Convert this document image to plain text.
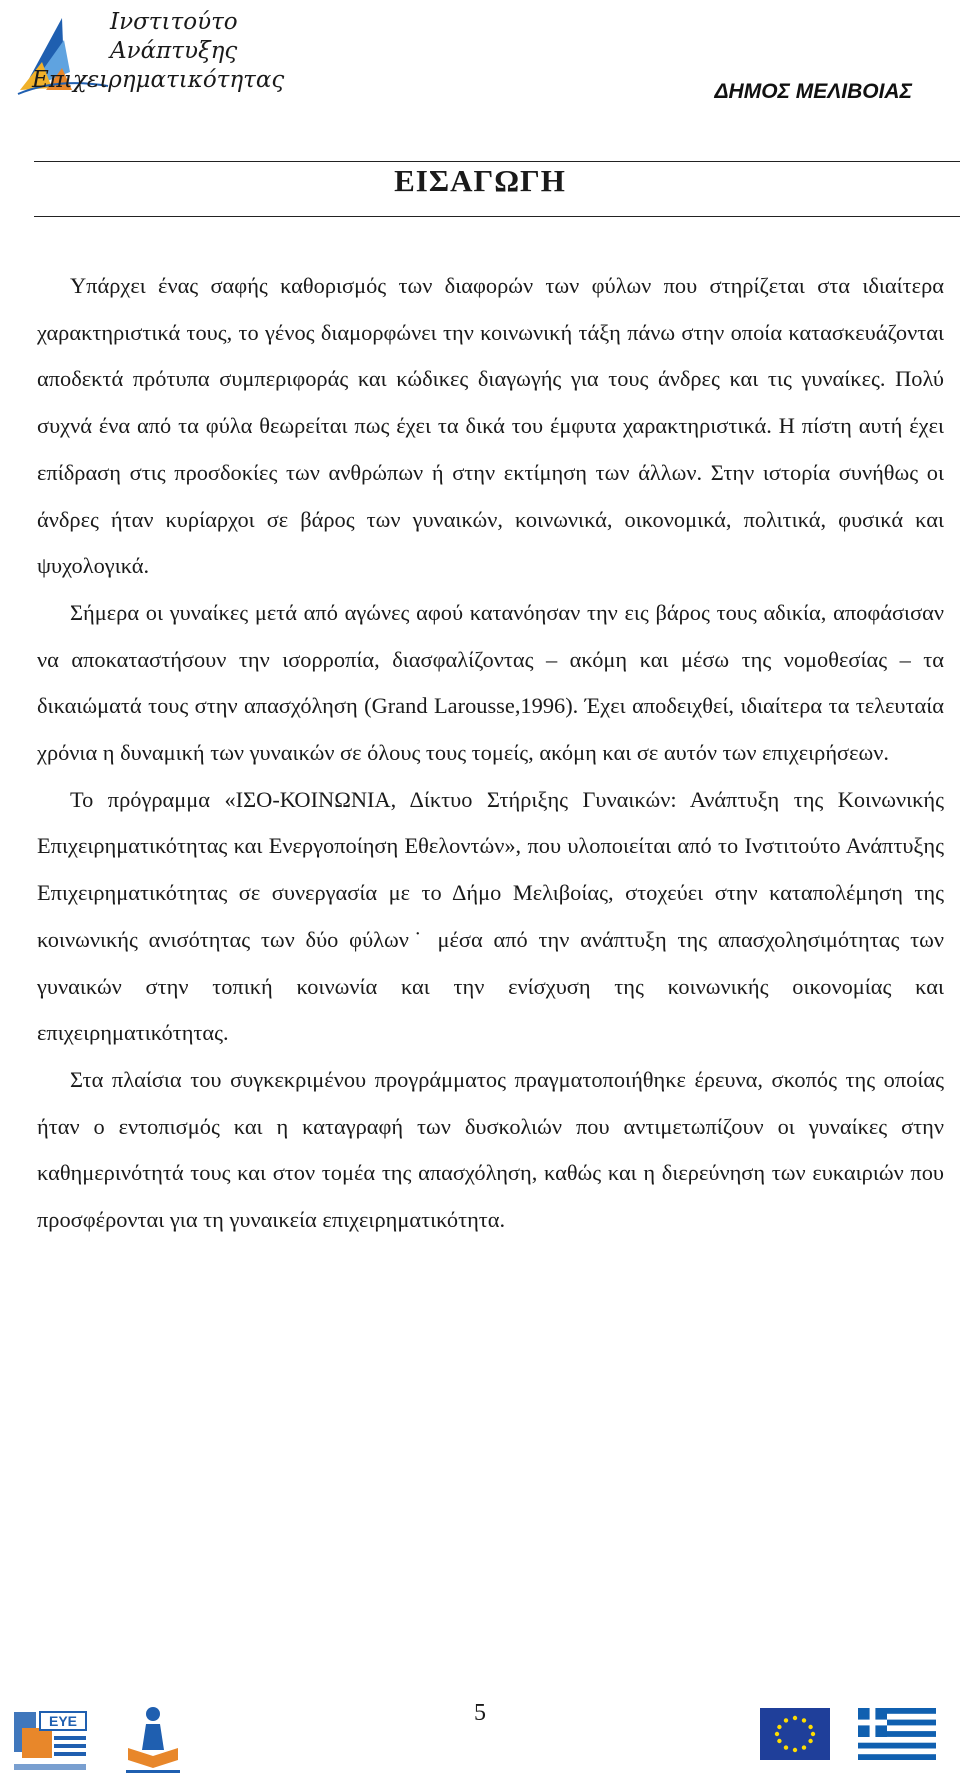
Ινστιτούτο
Ανάπτυξης
Επιχειρηματικότητας	ΔΗΜΟΣ ΜΕΛΙΒΟΙΑΣ
ΕΙΣΑΓΩΓΗ

Υπάρχει ένας σαφής καθορισμός των διαφορών των φύλων που στηρίζεται στα ιδιαίτερα χαρακτηριστικά τους, το γένος διαμορφώνει την κοινωνική τάξη πάνω στην οποία κατασκευάζονται αποδεκτά πρότυπα συμπεριφοράς και κώδικες διαγωγής για τους άνδρες και τις γυναίκες. Πολύ συχνά ένα από τα φύλα θεωρείται πως έχει τα δικά του έμφυτα χαρακτηριστικά. Η πίστη αυτή έχει επίδραση στις προσδοκίες των ανθρώπων ή στην εκτίμηση των άλλων. Στην ιστορία συνήθως οι άνδρες ήταν κυρίαρχοι σε βάρος των γυναικών, κοινωνικά, οικονομικά, πολιτικά, φυσικά και ψυχολογικά.

Σήμερα οι γυναίκες μετά από αγώνες αφού κατανόησαν την εις βάρος τους αδικία, αποφάσισαν να αποκαταστήσουν την ισορροπία, διασφαλίζοντας – ακόμη και μέσω της νομοθεσίας – τα δικαιώματά τους στην απασχόληση (Grand Larousse,1996). Έχει αποδειχθεί, ιδιαίτερα τα τελευταία χρόνια η δυναμική των γυναικών σε όλους τους τομείς, ακόμη και σε αυτόν των επιχειρήσεων.

Το πρόγραμμα «ΙΣΟ-ΚΟΙΝΩΝΙΑ, Δίκτυο Στήριξης Γυναικών: Ανάπτυξη της Κοινωνικής Επιχειρηματικότητας και Ενεργοποίηση Εθελοντών», που υλοποιείται από το Ινστιτούτο Ανάπτυξης Επιχειρηματικότητας σε συνεργασία με το Δήμο Μελιβοίας, στοχεύει στην καταπολέμηση της κοινωνικής ανισότητας των δύο φύλων˙ μέσα από την ανάπτυξη της απασχολησιμότητας των γυναικών στην τοπική κοινωνία και την ενίσχυση της κοινωνικής οικονομίας και επιχειρηματικότητας.

Στα πλαίσια του συγκεκριμένου προγράμματος πραγματοποιήθηκε έρευνα, σκοπός της οποίας ήταν ο εντοπισμός και η καταγραφή των δυσκολιών που αντιμετωπίζουν οι γυναίκες στην καθημερινότητά τους και στον τομέα της απασχόληση, καθώς και η διερεύνηση των ευκαιριών που προσφέρονται για τη γυναικεία επιχειρηματικότητα.

EYE	5
